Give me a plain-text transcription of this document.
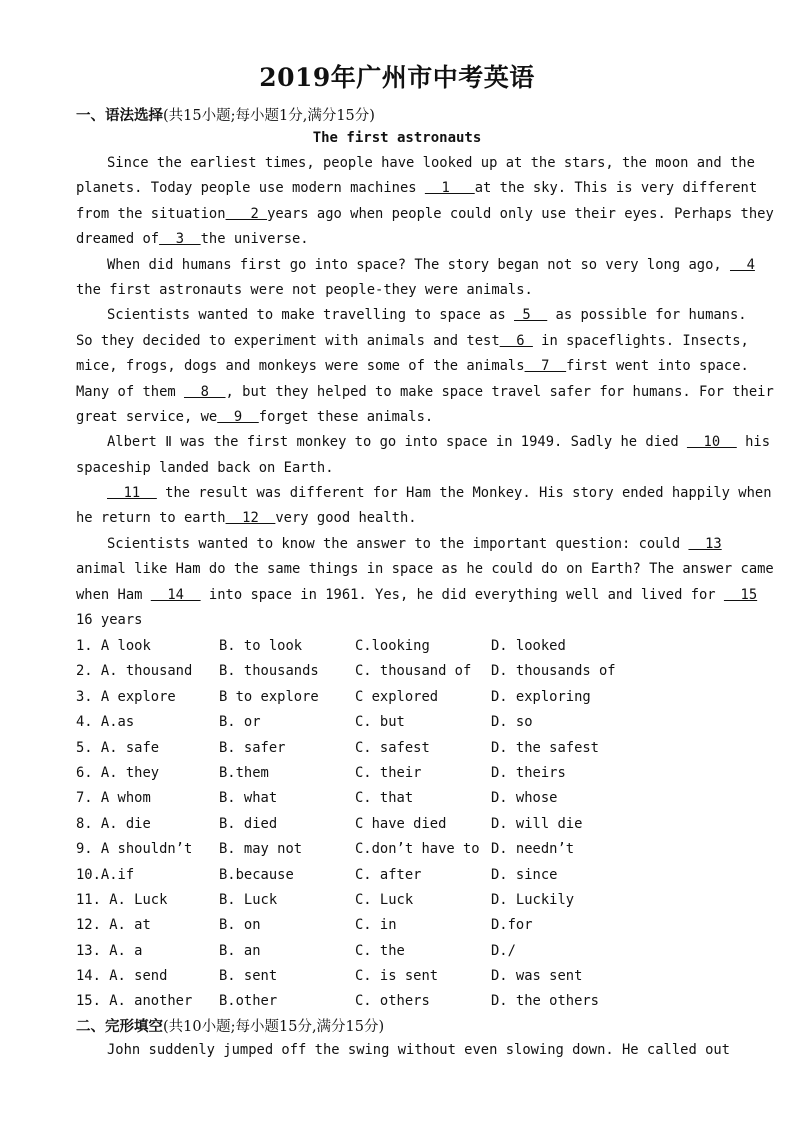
2019年广州市中考英语
一、语法选择(共15小题;每小题1分,满分15分)
The first astronauts
Since the earliest times, people have looked up at the stars, the moon and the
planets. Today people use modern machines   1   at the sky. This is very different
from the situation   2 years ago when people could only use their eyes. Perhaps they
dreamed of  3  the universe.
When did humans first go into space? The story began not so very long ago,   4
the first astronauts were not people-they were animals.
Scientists wanted to make travelling to space as  5   as possible for humans.
So they decided to experiment with animals and test  6  in spaceflights. Insects,
mice, frogs, dogs and monkeys were some of the animals  7  first went into space.
Many of them   8  , but they helped to make space travel safer for humans. For their
great service, we  9  forget these animals.
Albert Ⅱ was the first monkey to go into space in 1949. Sadly he died   10   his
spaceship landed back on Earth.
11   the result was different for Ham the Monkey. His story ended happily when
he return to earth  12  very good health.
Scientists wanted to know the answer to the important question: could   13
animal like Ham do the same things in space as he could do on Earth? The answer came
when Ham   14   into space in 1961. Yes, he did everything well and lived for   15
16 years
1. A look	B. to look	C.looking	D. looked
2. A. thousand	B. thousands	C. thousand of	D. thousands of
3. A explore	B to explore	C explored	D. exploring
4. A.as	B. or	C. but	D. so
5. A. safe	B. safer	C. safest	D. the safest
6. A. they	B.them	C. their	D. theirs
7. A whom	B. what	C. that	D. whose
8. A. die	B. died	C have died	D. will die
9. A shouldn’t	B. may not	C.don’t have to D. needn’t
10.A.if	B.because	C. after	D. since
11. A. Luck	B. Luck	C. Luck	D. Luckily
12. A. at	B. on	C. in	D.for
13. A. a	B. an	C. the	D./
14. A. send	B. sent	C. is sent	D. was sent
15. A. another	B.other	C. others	D. the others
二、完形填空(共10小题;每小题15分,满分15分)
John suddenly jumped off the swing without even slowing down. He called out
